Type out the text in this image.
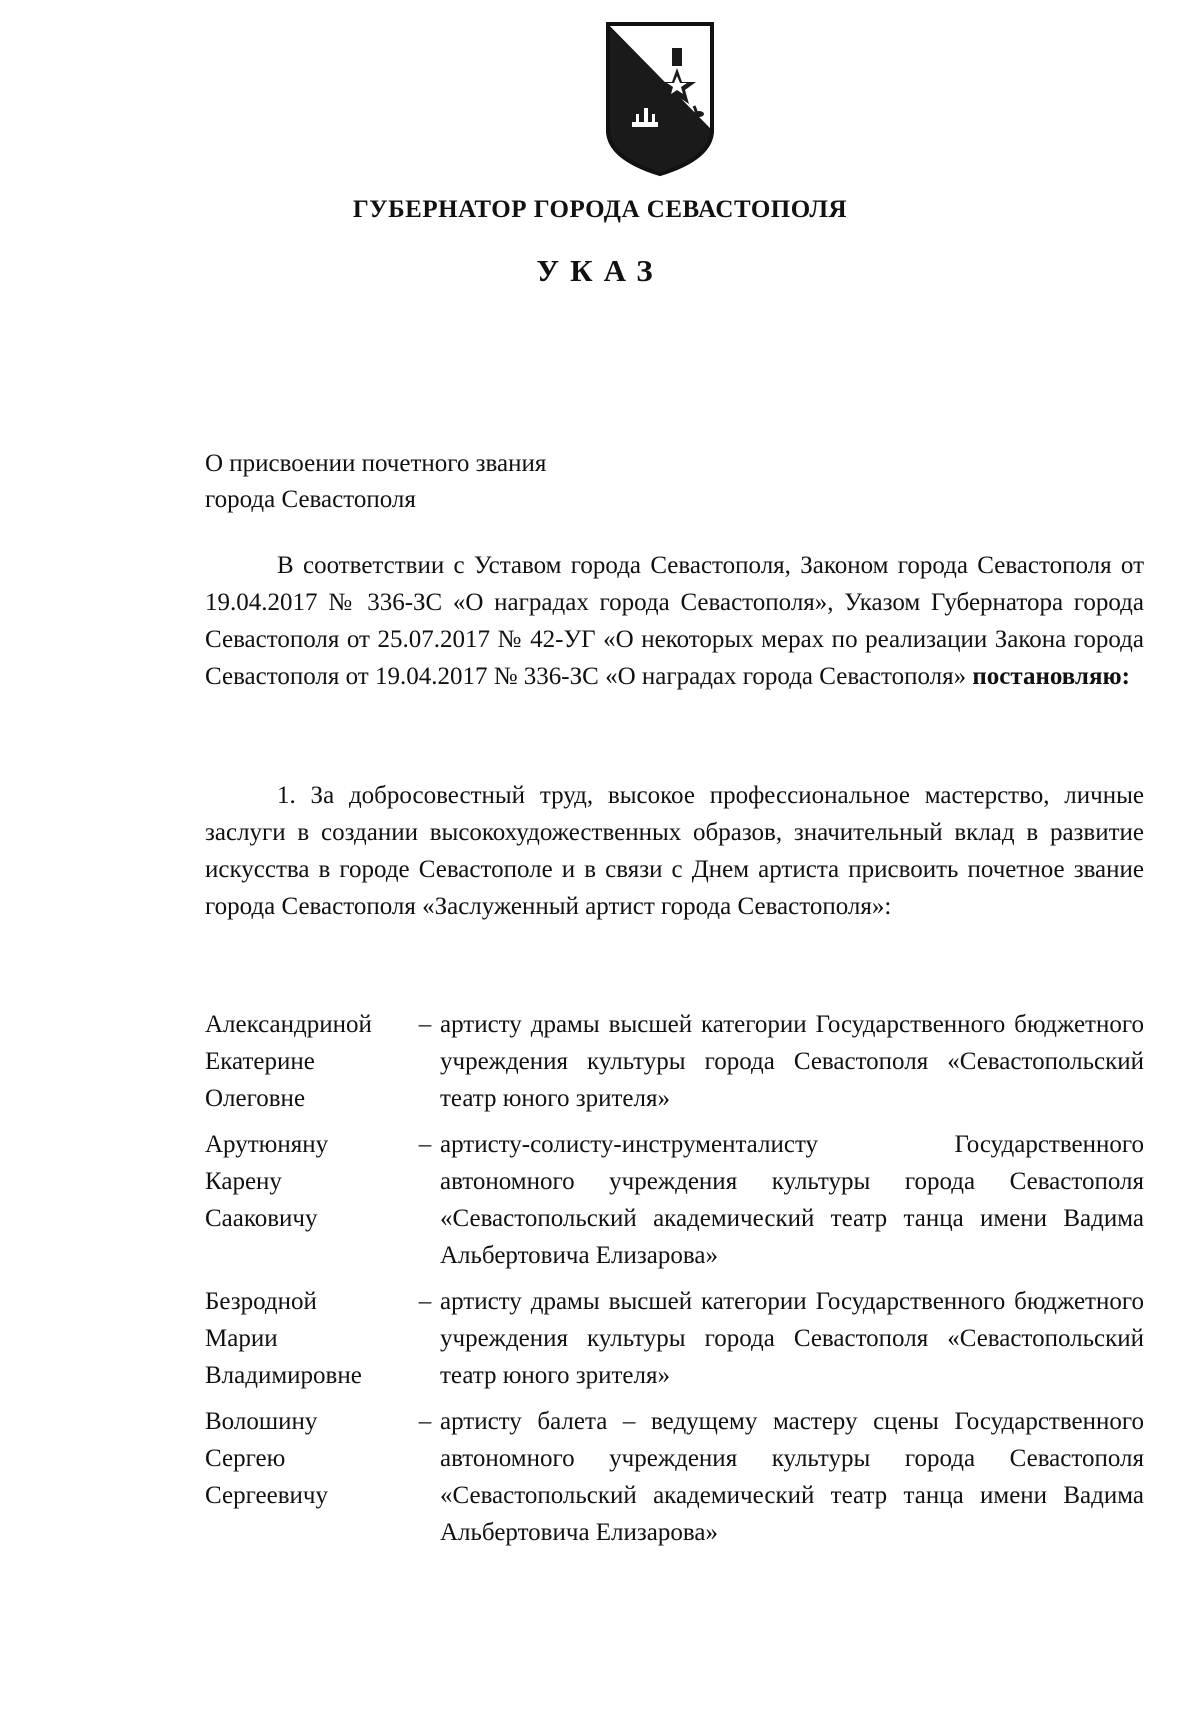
ГУБЕРНАТОР ГОРОДА СЕВАСТОПОЛЯ
УКАЗ
О присвоении почетного звания
города Севастополя
В соответствии с Уставом города Севастополя, Законом города Севастополя от 19.04.2017 № 336-ЗС «О наградах города Севастополя», Указом Губернатора города Севастополя от 25.07.2017 № 42-УГ «О некоторых мерах по реализации Закона города Севастополя от 19.04.2017 № 336-ЗС «О наградах города Севастополя» постановляю:
1. За добросовестный труд, высокое профессиональное мастерство, личные заслуги в создании высокохудожественных образов, значительный вклад в развитие искусства в городе Севастополе и в связи с Днем артиста присвоить почетное звание города Севастополя «Заслуженный артист города Севастополя»:
Александриной
Екатерине
Олеговне
– артисту драмы высшей категории Государственного бюджетного учреждения культуры города Севастополя «Севастопольский театр юного зрителя»
Арутюняну
Карену
Сааковичу
– артисту-солисту-инструменталисту Государственного автономного учреждения культуры города Севастополя «Севастопольский академический театр танца имени Вадима Альбертовича Елизарова»
Безродной
Марии
Владимировне
– артисту драмы высшей категории Государственного бюджетного учреждения культуры города Севастополя «Севастопольский театр юного зрителя»
Волошину
Сергею
Сергеевичу
– артисту балета – ведущему мастеру сцены Государственного автономного учреждения культуры города Севастополя «Севастопольский академический театр танца имени Вадима Альбертовича Елизарова»
